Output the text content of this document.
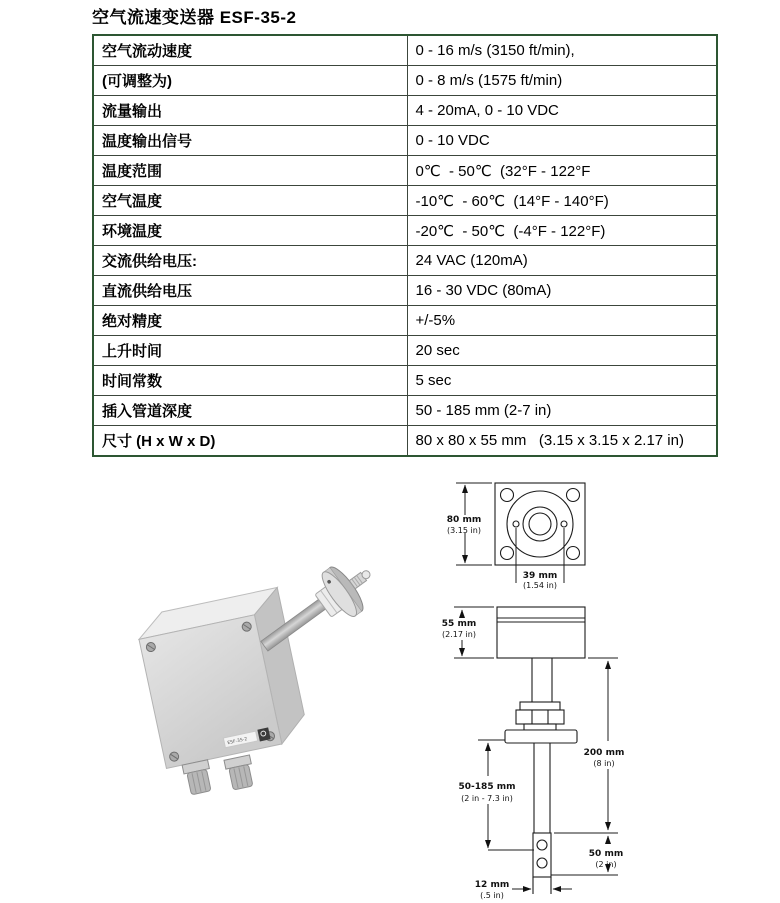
空气流速变送器 ESF-35-2
空气流动速度	0 - 16 m/s (3150 ft/min),
(可调整为)	0 - 8 m/s (1575 ft/min)
流量输出	4 - 20mA, 0 - 10 VDC
温度输出信号	0 - 10 VDC
温度范围	0℃  - 50℃  (32°F - 122°F
空气温度	-10℃  - 60℃  (14°F - 140°F)
环境温度	-20℃  - 50℃  (-4°F - 122°F)
交流供给电压:	24 VAC (120mA)
直流供给电压	16 - 30 VDC (80mA)
绝对精度	+/-5%
上升时间	20 sec
时间常数	5 sec
插入管道深度	50 - 185 mm (2-7 in)
尺寸 (H x W x D)	80 x 80 x 55 mm   (3.15 x 3.15 x 2.17 in)
ESF-35-2
80 mm
(3.15 in)
39 mm
(1.54 in)
55 mm
(2.17 in)
200 mm
(8 in)
50-185 mm
(2 in - 7.3 in)
50 mm
(2 in)
12 mm
(.5 in)
